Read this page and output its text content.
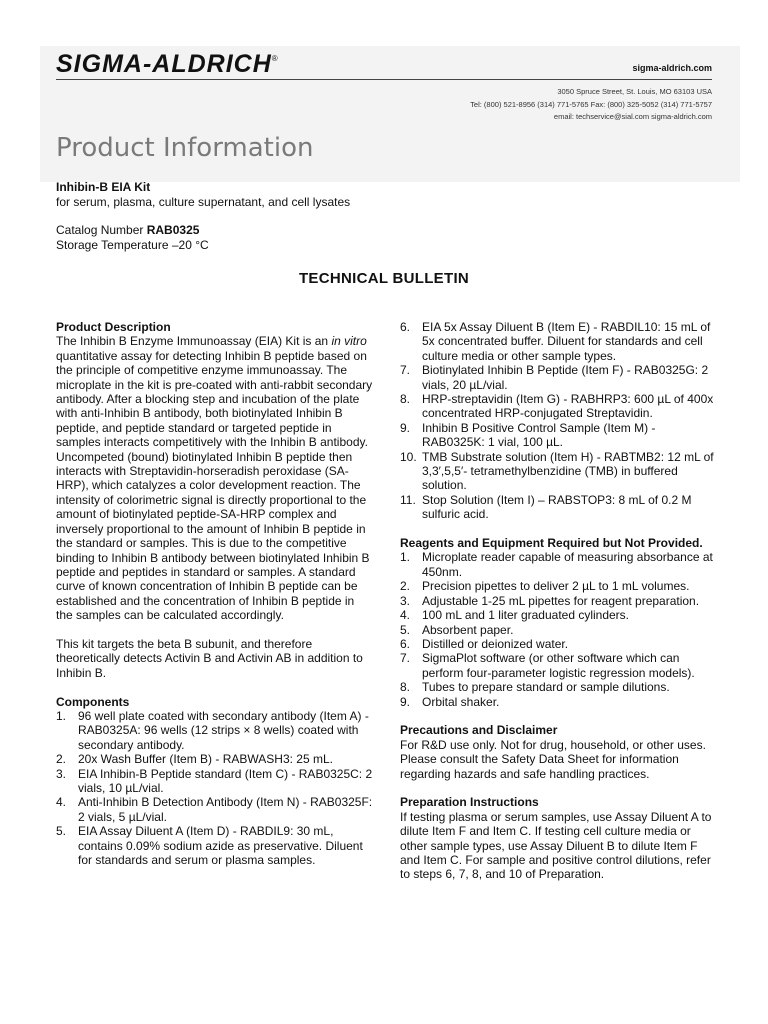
SIGMA-ALDRICH®
sigma-aldrich.com
3050 Spruce Street, St. Louis, MO 63103 USA
Tel: (800) 521-8956 (314) 771-5765 Fax: (800) 325-5052 (314) 771-5757
email: techservice@sial.com sigma-aldrich.com
Product Information
Inhibin-B EIA Kit
for serum, plasma, culture supernatant, and cell lysates
Catalog Number RAB0325
Storage Temperature –20 °C
TECHNICAL BULLETIN
Product Description

The Inhibin B Enzyme Immunoassay (EIA) Kit is an in vitro quantitative assay for detecting Inhibin B peptide based on the principle of competitive enzyme immunoassay. The microplate in the kit is pre-coated with anti-rabbit secondary antibody. After a blocking step and incubation of the plate with anti-Inhibin B antibody, both biotinylated Inhibin B peptide, and peptide standard or targeted peptide in samples interacts competitively with the Inhibin B antibody. Uncompeted (bound) biotinylated Inhibin B peptide then interacts with Streptavidin-horseradish peroxidase (SA-HRP), which catalyzes a color development reaction. The intensity of colorimetric signal is directly proportional to the amount of biotinylated peptide-SA-HRP complex and inversely proportional to the amount of Inhibin B peptide in the standard or samples. This is due to the competitive binding to Inhibin B antibody between biotinylated Inhibin B peptide and peptides in standard or samples. A standard curve of known concentration of Inhibin B peptide can be established and the concentration of Inhibin B peptide in the samples can be calculated accordingly.

This kit targets the beta B subunit, and therefore theoretically detects Activin B and Activin AB in addition to Inhibin B.

Components
1. 96 well plate coated with secondary antibody (Item A) - RAB0325A: 96 wells (12 strips × 8 wells) coated with secondary antibody.
2. 20x Wash Buffer (Item B) - RABWASH3: 25 mL.
3. EIA Inhibin-B Peptide standard (Item C) - RAB0325C: 2 vials, 10 µL/vial.
4. Anti-Inhibin B Detection Antibody (Item N) - RAB0325F: 2 vials, 5 µL/vial.
5. EIA Assay Diluent A (Item D) - RABDIL9: 30 mL, contains 0.09% sodium azide as preservative. Diluent for standards and serum or plasma samples.
6. EIA 5x Assay Diluent B (Item E) - RABDIL10: 15 mL of 5x concentrated buffer. Diluent for standards and cell culture media or other sample types.
7. Biotinylated Inhibin B Peptide (Item F) - RAB0325G: 2 vials, 20 µL/vial.
8. HRP-streptavidin (Item G) - RABHRP3: 600 µL of 400x concentrated HRP-conjugated Streptavidin.
9. Inhibin B Positive Control Sample (Item M) - RAB0325K: 1 vial, 100 µL.
10. TMB Substrate solution (Item H) - RABTMB2: 12 mL of 3,3′,5,5′- tetramethylbenzidine (TMB) in buffered solution.
11. Stop Solution (Item I) – RABSTOP3: 8 mL of 0.2 M sulfuric acid.
Reagents and Equipment Required but Not Provided.
1. Microplate reader capable of measuring absorbance at 450nm.
2. Precision pipettes to deliver 2 µL to 1 mL volumes.
3. Adjustable 1-25 mL pipettes for reagent preparation.
4. 100 mL and 1 liter graduated cylinders.
5. Absorbent paper.
6. Distilled or deionized water.
7. SigmaPlot software (or other software which can perform four-parameter logistic regression models).
8. Tubes to prepare standard or sample dilutions.
9. Orbital shaker.
Precautions and Disclaimer

For R&D use only. Not for drug, household, or other uses. Please consult the Safety Data Sheet for information regarding hazards and safe handling practices.

Preparation Instructions

If testing plasma or serum samples, use Assay Diluent A to dilute Item F and Item C. If testing cell culture media or other sample types, use Assay Diluent B to dilute Item F and Item C. For sample and positive control dilutions, refer to steps 6, 7, 8, and 10 of Preparation.
